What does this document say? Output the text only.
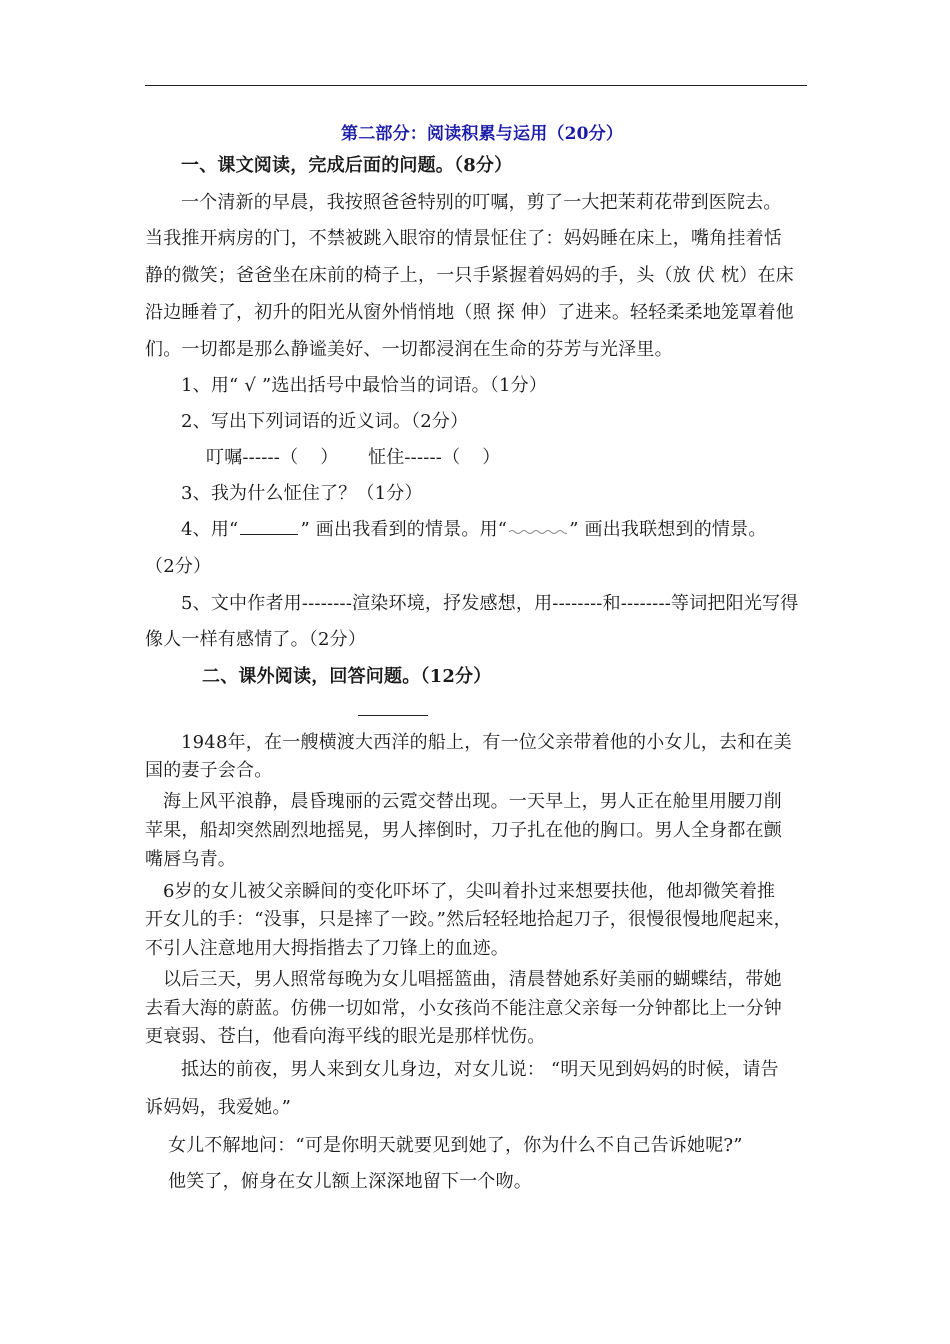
第二部分：阅读积累与运用（20分）
一、课文阅读，完成后面的问题。（8分）
一个清新的早晨，我按照爸爸特别的叮嘱，剪了一大把茉莉花带到医院去。
当我推开病房的门，不禁被跳入眼帘的情景怔住了：妈妈睡在床上，嘴角挂着恬
静的微笑；爸爸坐在床前的椅子上，一只手紧握着妈妈的手，头（放 伏 枕）在床
沿边睡着了，初升的阳光从窗外悄悄地（照 探 伸）了进来。轻轻柔柔地笼罩着他
们。一切都是那么静谧美好、一切都浸润在生命的芬芳与光泽里。
1、用“ √ ”选出括号中最恰当的词语。（1分）
2、写出下列词语的近义词。（2分）
叮嘱------（ ） 怔住------（ ）
3、我为什么怔住了？（1分）
4、用“	” 画出我看到的情景。用“	” 画出我联想到的情景。
（2分）
5、文中作者用--------渲染环境，抒发感想，用--------和--------等词把阳光写得
像人一样有感情了。（2分）
二、课外阅读，回答问题。（12分）
1948年，在一艘横渡大西洋的船上，有一位父亲带着他的小女儿，去和在美
国的妻子会合。
海上风平浪静，晨昏瑰丽的云霓交替出现。一天早上，男人正在舱里用腰刀削
苹果，船却突然剧烈地摇晃，男人摔倒时，刀子扎在他的胸口。男人全身都在颤
嘴唇乌青。
6岁的女儿被父亲瞬间的变化吓坏了，尖叫着扑过来想要扶他，他却微笑着推
开女儿的手：“没事，只是摔了一跤。”然后轻轻地拾起刀子，很慢很慢地爬起来，
不引人注意地用大拇指揩去了刀锋上的血迹。
以后三天，男人照常每晚为女儿唱摇篮曲，清晨替她系好美丽的蝴蝶结，带她
去看大海的蔚蓝。仿佛一切如常，小女孩尚不能注意父亲每一分钟都比上一分钟
更衰弱、苍白，他看向海平线的眼光是那样忧伤。
抵达的前夜，男人来到女儿身边，对女儿说： “明天见到妈妈的时候，请告
诉妈妈，我爱她。”
女儿不解地问：“可是你明天就要见到她了，你为什么不自己告诉她呢?”
他笑了，俯身在女儿额上深深地留下一个吻。
